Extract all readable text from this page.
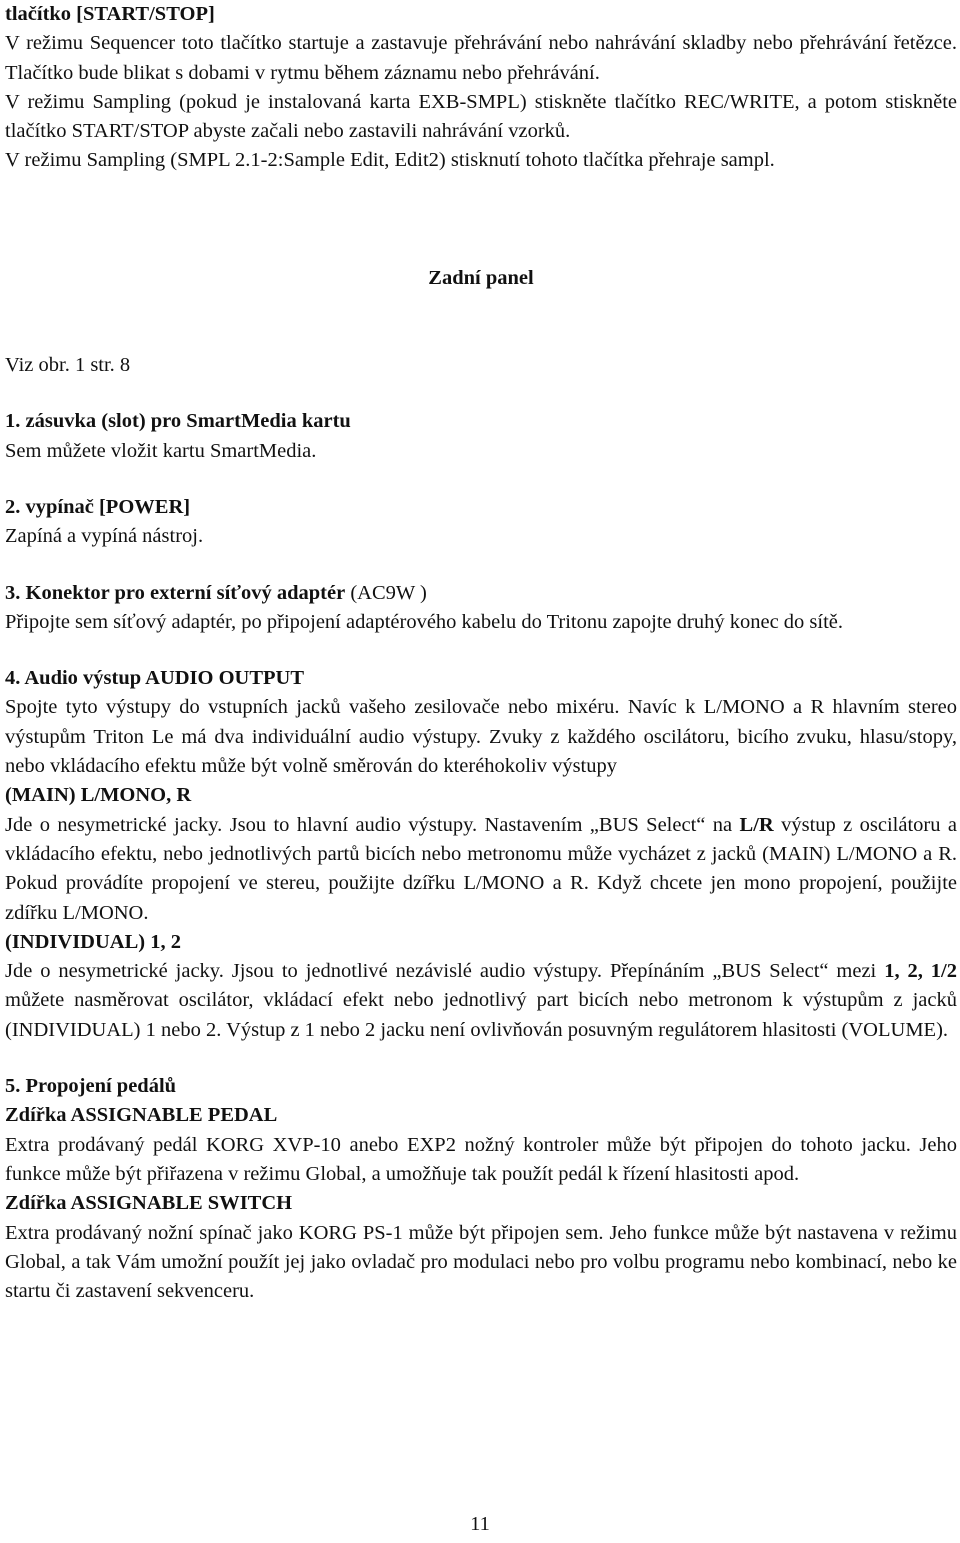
tlačítko [START/STOP]

V režimu Sequencer toto tlačítko startuje a zastavuje přehrávání nebo nahrávání skladby nebo přehrávání řetězce. Tlačítko bude blikat s dobami v rytmu během záznamu nebo přehrávání.

V režimu Sampling (pokud je instalovaná karta EXB-SMPL) stiskněte tlačítko REC/WRITE, a potom stiskněte tlačítko START/STOP abyste začali nebo zastavili nahrávání vzorků.

V režimu Sampling (SMPL 2.1-2:Sample Edit, Edit2) stisknutí tohoto tlačítka přehraje sampl.

Zadní panel

Viz obr. 1 str. 8

1. zásuvka (slot) pro SmartMedia kartu

Sem můžete vložit kartu SmartMedia.

2. vypínač [POWER]

Zapíná a vypíná nástroj.

3. Konektor pro externí síťový adaptér (AC9W )

Připojte sem síťový adaptér, po připojení adaptérového kabelu do Tritonu zapojte druhý konec do sítě.

4. Audio výstup AUDIO OUTPUT

Spojte tyto výstupy do vstupních jacků vašeho zesilovače nebo mixéru. Navíc k L/MONO a R hlavním stereo výstupům Triton Le má dva individuální audio výstupy. Zvuky z každého oscilátoru, bicího zvuku, hlasu/stopy, nebo vkládacího efektu může být volně směrován do kteréhokoliv výstupy

(MAIN) L/MONO, R

Jde o nesymetrické jacky. Jsou to hlavní audio výstupy. Nastavením „BUS Select“ na L/R výstup z oscilátoru a vkládacího efektu, nebo jednotlivých partů bicích nebo metronomu může vycházet z jacků (MAIN) L/MONO a R. Pokud provádíte propojení ve stereu, použijte dzířku L/MONO a R. Když chcete jen mono propojení, použijte zdířku L/MONO.

(INDIVIDUAL) 1, 2

Jde o nesymetrické jacky. Jjsou to jednotlivé nezávislé audio výstupy. Přepínáním „BUS Select“ mezi 1, 2, 1/2 můžete nasměrovat oscilátor, vkládací efekt nebo jednotlivý part bicích nebo metronom k výstupům z jacků (INDIVIDUAL) 1 nebo 2. Výstup z 1 nebo 2 jacku není ovlivňován posuvným regulátorem hlasitosti (VOLUME).

5. Propojení pedálů

Zdířka ASSIGNABLE PEDAL

Extra prodávaný pedál KORG XVP-10 anebo EXP2 nožný kontroler může být připojen do tohoto jacku. Jeho funkce může být přiřazena v režimu Global, a umožňuje tak použít pedál k řízení hlasitosti apod.

Zdířka ASSIGNABLE SWITCH

Extra prodávaný nožní spínač jako KORG PS-1 může být připojen sem. Jeho funkce může být nastavena v režimu Global, a tak Vám umožní použít jej jako ovladač pro modulaci nebo pro volbu programu nebo kombinací, nebo ke startu či zastavení sekvenceru.

11
